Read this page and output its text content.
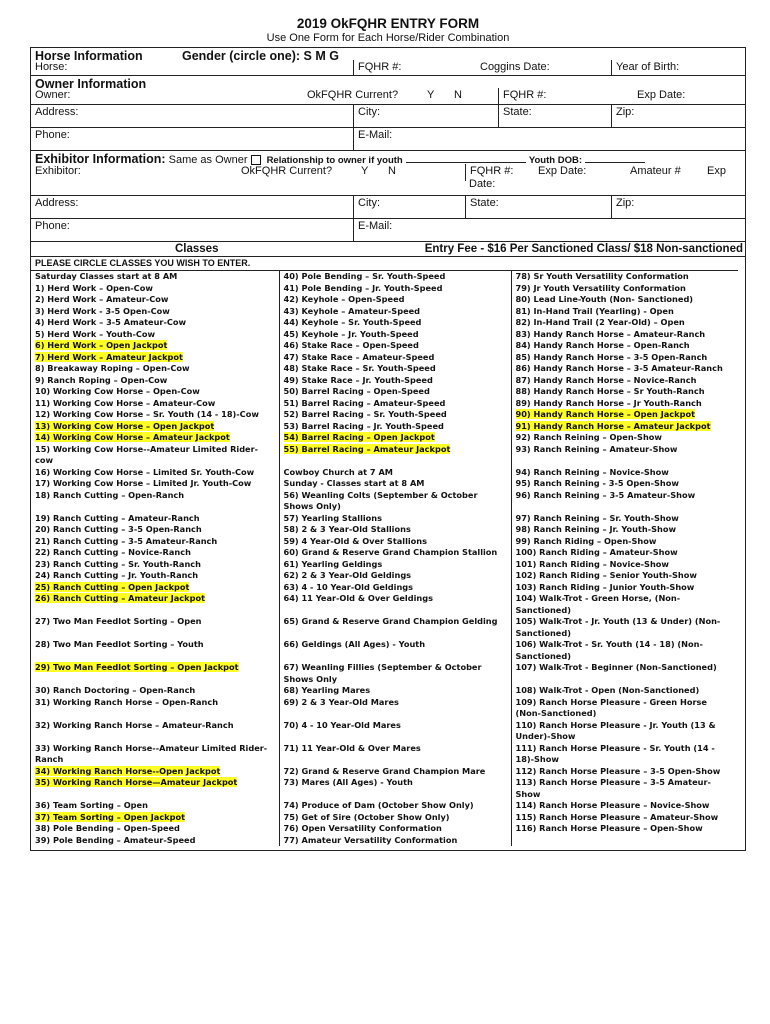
2019 OkFQHR ENTRY FORM
Use One Form for Each Horse/Rider Combination
Horse Information	Gender (circle one): S M G
Horse:	FQHR #:	Coggins Date:	Year of Birth:
Owner Information
Owner:	OkFQHR Current?	Y	N	FQHR #:	Exp Date:
Address:	City:	State:	Zip:
Phone:	E-Mail:
Exhibitor Information: Same as Owner Relationship to owner if youth	Youth DOB:
Exhibitor:	OkFQHR Current?	Y	N	FQHR #:
Date:
Exp Date:	Amateur #	Exp
Address:	City:	State:	Zip:
Phone:	E-Mail:
Classes	Entry Fee - $16 Per Sanctioned Class/ $18 Non-sanctioned
PLEASE CIRCLE CLASSES YOU WISH TO ENTER.
Saturday Classes start at 8 AM	40) Pole Bending – Sr. Youth-Speed	78) Sr Youth Versatility Conformation
1) Herd Work – Open-Cow	41) Pole Bending – Jr. Youth-Speed	79) Jr Youth Versatility Conformation
2) Herd Work – Amateur-Cow	42) Keyhole – Open-Speed	80) Lead Line-Youth (Non- Sanctioned)
3) Herd Work - 3-5 Open-Cow	43) Keyhole – Amateur-Speed	81) In-Hand Trail (Yearling) - Open
4) Herd Work – 3-5 Amateur-Cow	44) Keyhole – Sr. Youth-Speed	82) In-Hand Trail (2 Year-Old) – Open
5) Herd Work – Youth-Cow	45) Keyhole – Jr. Youth-Speed	83) Handy Ranch Horse – Amateur-Ranch
6) Herd Work – Open Jackpot	46) Stake Race – Open-Speed	84) Handy Ranch Horse – Open-Ranch
7) Herd Work – Amateur Jackpot	47) Stake Race – Amateur-Speed	85) Handy Ranch Horse – 3-5 Open-Ranch
8) Breakaway Roping – Open-Cow	48) Stake Race – Sr. Youth-Speed	86) Handy Ranch Horse – 3-5 Amateur-Ranch
9) Ranch Roping – Open-Cow	49) Stake Race – Jr. Youth-Speed	87) Handy Ranch Horse – Novice-Ranch
10) Working Cow Horse – Open-Cow	50) Barrel Racing – Open-Speed	88) Handy Ranch Horse – Sr Youth-Ranch
11) Working Cow Horse – Amateur-Cow	51) Barrel Racing – Amateur-Speed	89) Handy Ranch Horse – Jr Youth-Ranch
12) Working Cow Horse – Sr. Youth (14 - 18)-Cow	52) Barrel Racing – Sr. Youth-Speed	90) Handy Ranch Horse – Open Jackpot
13) Working Cow Horse – Open Jackpot	53) Barrel Racing – Jr. Youth-Speed	91) Handy Ranch Horse – Amateur Jackpot
14) Working Cow Horse – Amateur Jackpot	54) Barrel Racing – Open Jackpot	92) Ranch Reining – Open-Show
15) Working Cow Horse--Amateur Limited Rider-cow	55) Barrel Racing – Amateur Jackpot	93) Ranch Reining – Amateur-Show
16) Working Cow Horse – Limited Sr. Youth-Cow	Cowboy Church at 7 AM	94) Ranch Reining – Novice-Show
17) Working Cow Horse – Limited Jr. Youth-Cow	Sunday - Classes start at 8 AM	95) Ranch Reining - 3-5 Open-Show
18) Ranch Cutting – Open-Ranch	56) Weanling Colts (September & October Shows Only)	96) Ranch Reining – 3-5 Amateur-Show
19) Ranch Cutting – Amateur-Ranch	57) Yearling Stallions	97) Ranch Reining – Sr. Youth-Show
20) Ranch Cutting – 3-5 Open-Ranch	58) 2 & 3 Year-Old Stallions	98) Ranch Reining – Jr. Youth-Show
21) Ranch Cutting – 3-5 Amateur-Ranch	59) 4 Year-Old & Over Stallions	99) Ranch Riding – Open-Show
22) Ranch Cutting – Novice-Ranch	60) Grand & Reserve Grand Champion Stallion	100) Ranch Riding – Amateur-Show
23) Ranch Cutting – Sr. Youth-Ranch	61) Yearling Geldings	101) Ranch Riding – Novice-Show
24) Ranch Cutting – Jr. Youth-Ranch	62) 2 & 3 Year-Old Geldings	102) Ranch Riding – Senior Youth-Show
25) Ranch Cutting – Open Jackpot	63) 4 - 10 Year-Old Geldings	103) Ranch Riding – Junior Youth-Show
26) Ranch Cutting – Amateur Jackpot	64) 11 Year-Old & Over Geldings	104) Walk-Trot - Green Horse, (Non-Sanctioned)
27) Two Man Feedlot Sorting – Open	65) Grand & Reserve Grand Champion Gelding	105) Walk-Trot - Jr. Youth (13 & Under) (Non-Sanctioned)
28) Two Man Feedlot Sorting – Youth	66) Geldings (All Ages) - Youth	106) Walk-Trot - Sr. Youth (14 - 18) (Non-Sanctioned)
29) Two Man Feedlot Sorting – Open Jackpot	67) Weanling Fillies (September & October Shows Only	107) Walk-Trot - Beginner (Non-Sanctioned)
30) Ranch Doctoring – Open-Ranch	68) Yearling Mares	108) Walk-Trot - Open (Non-Sanctioned)
31) Working Ranch Horse – Open-Ranch	69) 2 & 3 Year-Old Mares	109) Ranch Horse Pleasure - Green Horse (Non-Sanctioned)
32) Working Ranch Horse – Amateur-Ranch	70) 4 - 10 Year-Old Mares	110) Ranch Horse Pleasure - Jr. Youth (13 & Under)-Show
33) Working Ranch Horse--Amateur Limited Rider-Ranch	71) 11 Year-Old & Over Mares	111) Ranch Horse Pleasure - Sr. Youth (14 - 18)-Show
34) Working Ranch Horse--Open Jackpot	72) Grand & Reserve Grand Champion Mare	112) Ranch Horse Pleasure – 3-5 Open-Show
35) Working Ranch Horse—Amateur Jackpot	73) Mares (All Ages) - Youth	113) Ranch Horse Pleasure – 3-5 Amateur-Show
36) Team Sorting – Open	74) Produce of Dam (October Show Only)	114) Ranch Horse Pleasure – Novice-Show
37) Team Sorting – Open Jackpot	75) Get of Sire (October Show Only)	115) Ranch Horse Pleasure – Amateur-Show
38) Pole Bending – Open-Speed	76) Open Versatility Conformation	116) Ranch Horse Pleasure – Open-Show
39) Pole Bending – Amateur-Speed	77) Amateur Versatility Conformation	
